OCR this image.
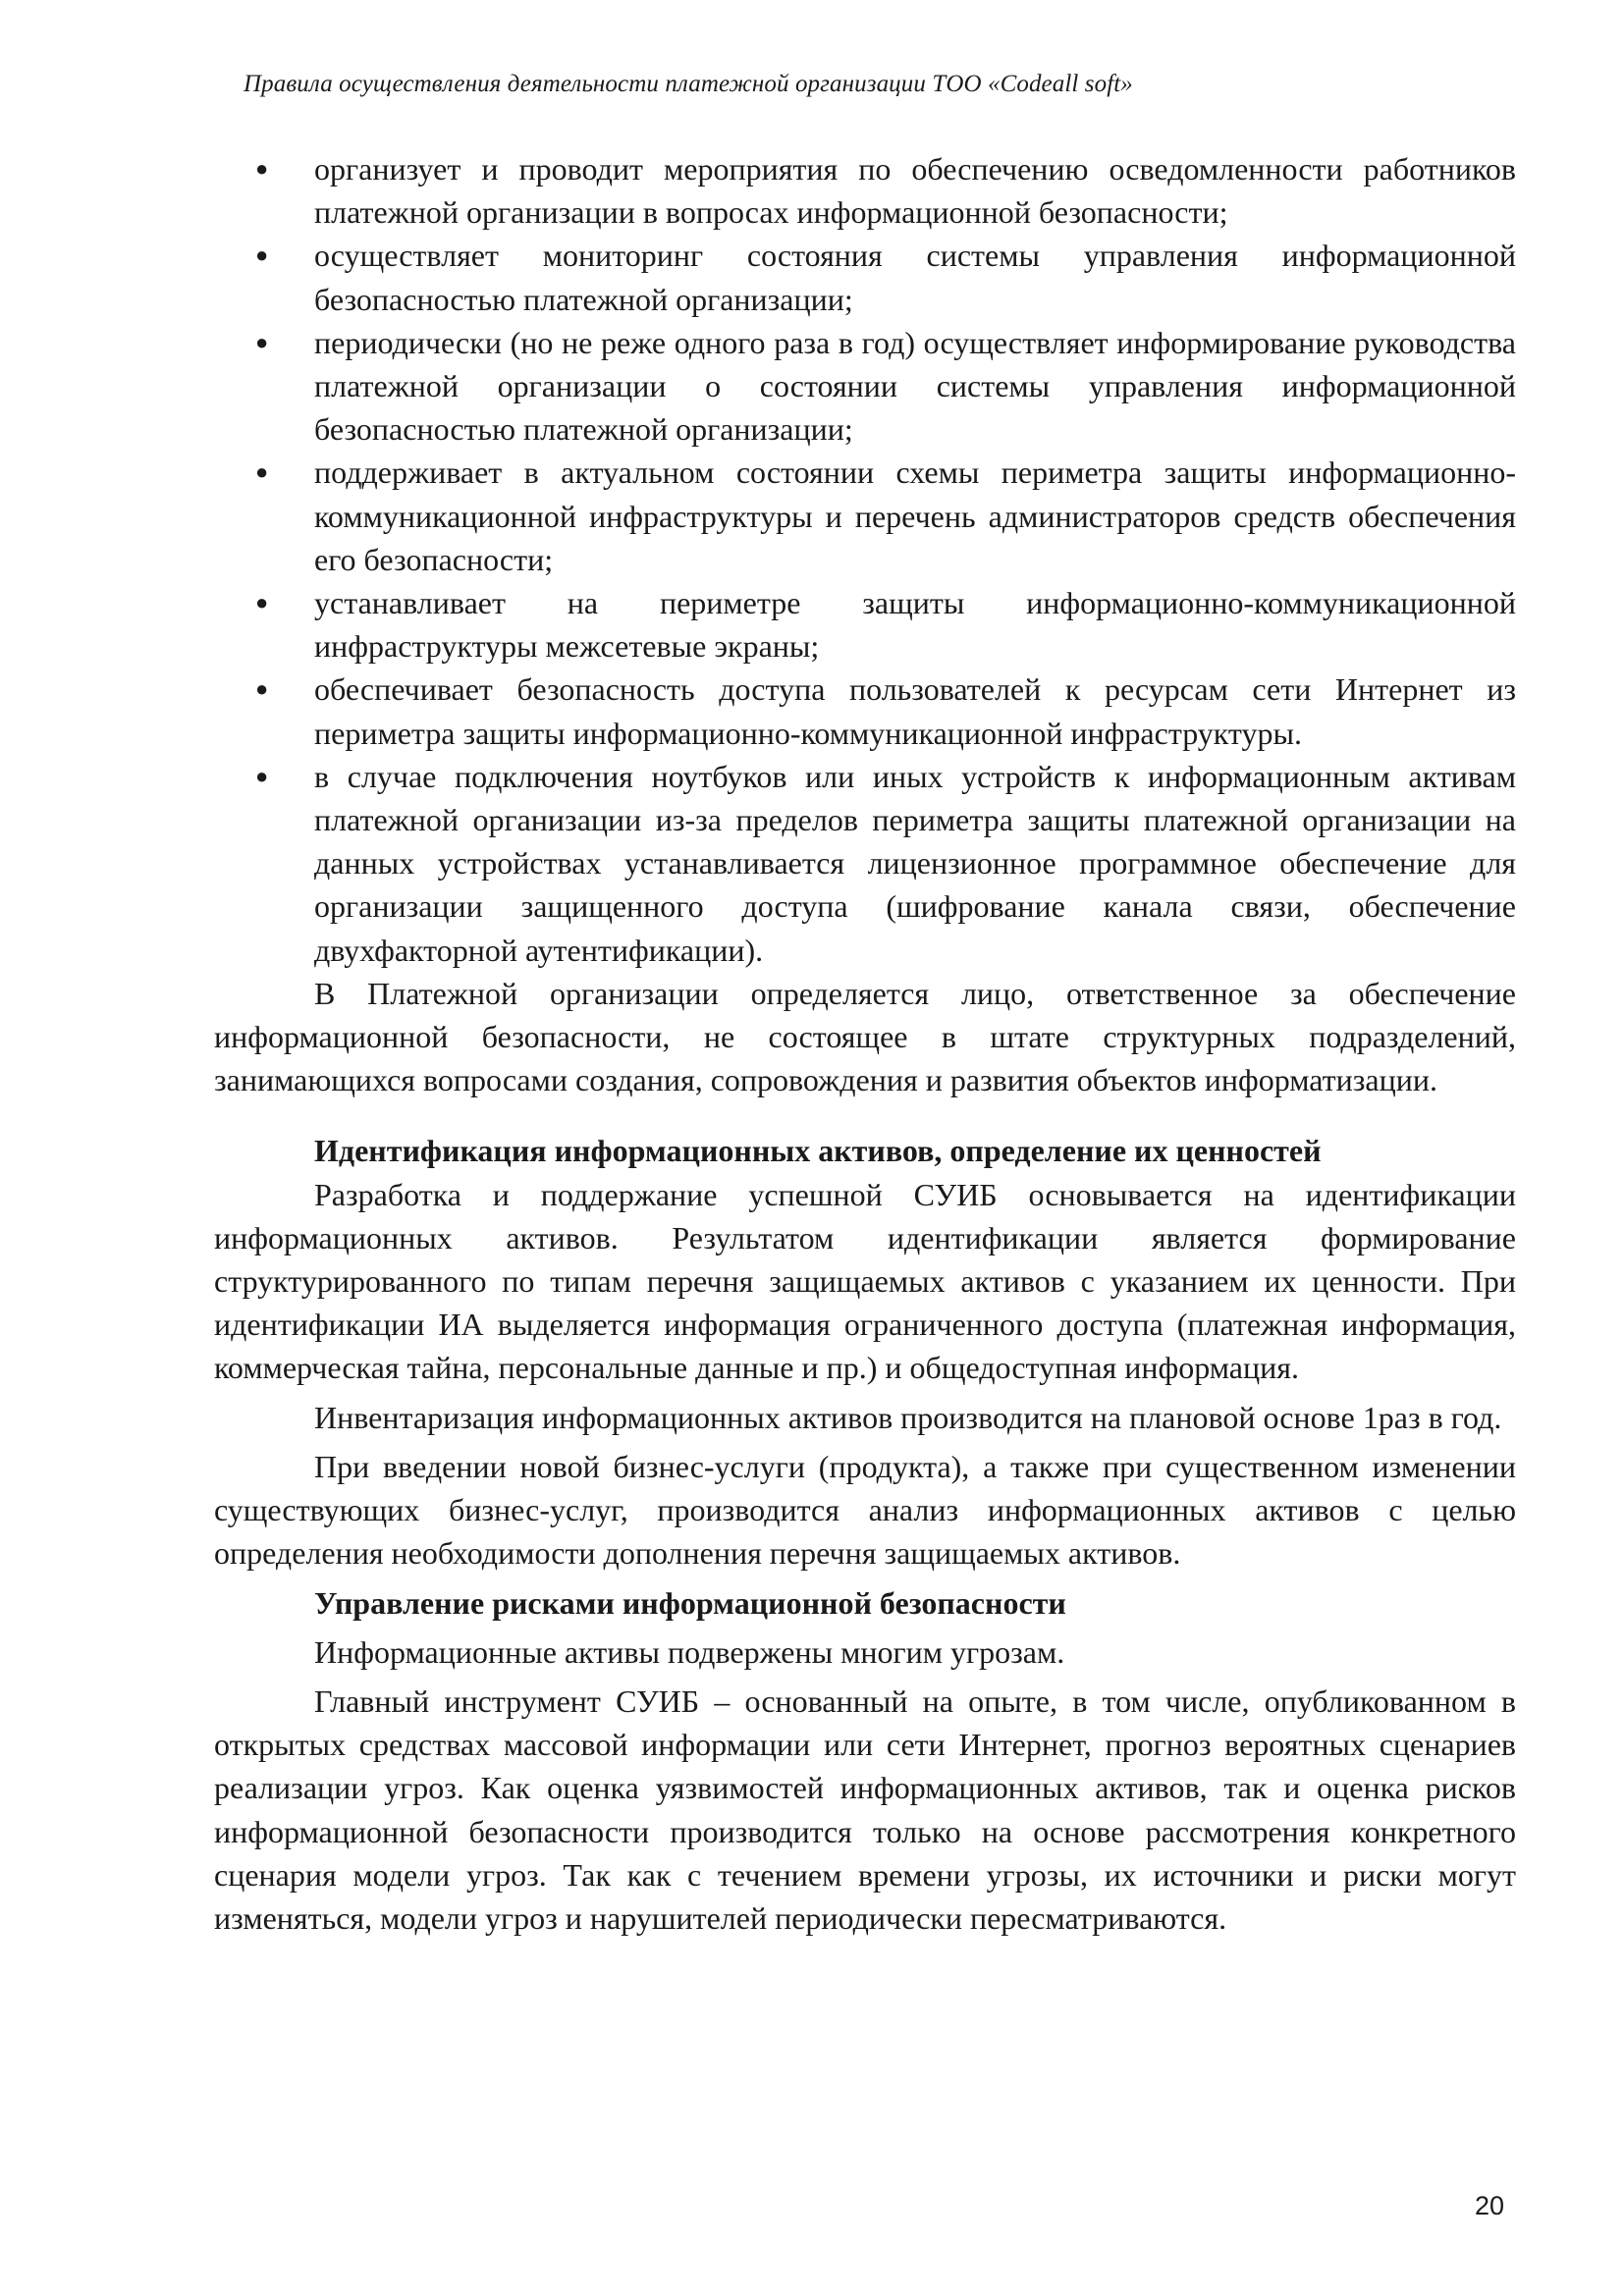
Правила осуществления деятельности платежной организации ТОО «Codeall soft»
● организует и проводит мероприятия по обеспечению осведомленности работников платежной организации в вопросах информационной безопасности;
● осуществляет мониторинг состояния системы управления информационной безопасностью платежной организации;
● периодически (но не реже одного раза в год) осуществляет информирование руководства платежной организации о состоянии системы управления информационной безопасностью платежной организации;
● поддерживает в актуальном состоянии схемы периметра защиты информационно-коммуникационной инфраструктуры и перечень администраторов средств обеспечения его безопасности;
● устанавливает на периметре защиты информационно-коммуникационной инфраструктуры межсетевые экраны;
● обеспечивает безопасность доступа пользователей к ресурсам сети Интернет из периметра защиты информационно-коммуникационной инфраструктуры.
● в случае подключения ноутбуков или иных устройств к информационным активам платежной организации из-за пределов периметра защиты платежной организации на данных устройствах устанавливается лицензионное программное обеспечение для организации защищенного доступа (шифрование канала связи, обеспечение двухфакторной аутентификации).

В Платежной организации определяется лицо, ответственное за обеспечение информационной безопасности, не состоящее в штате структурных подразделений, занимающихся вопросами создания, сопровождения и развития объектов информатизации.

Идентификация информационных активов, определение их ценностей

Разработка и поддержание успешной СУИБ основывается на идентификации информационных активов. Результатом идентификации является формирование структурированного по типам перечня защищаемых активов с указанием их ценности. При идентификации ИА выделяется информация ограниченного доступа (платежная информация, коммерческая тайна, персональные данные и пр.) и общедоступная информация.

Инвентаризация информационных активов производится на плановой основе 1раз в год.

При введении новой бизнес-услуги (продукта), а также при существенном изменении существующих бизнес-услуг, производится анализ информационных активов с целью определения необходимости дополнения перечня защищаемых активов.

Управление рисками информационной безопасности

Информационные активы подвержены многим угрозам.

Главный инструмент СУИБ – основанный на опыте, в том числе, опубликованном в открытых средствах массовой информации или сети Интернет, прогноз вероятных сценариев реализации угроз. Как оценка уязвимостей информационных активов, так и оценка рисков информационной безопасности производится только на основе рассмотрения конкретного сценария модели угроз. Так как с течением времени угрозы, их источники и риски могут изменяться, модели угроз и нарушителей периодически пересматриваются.

20
